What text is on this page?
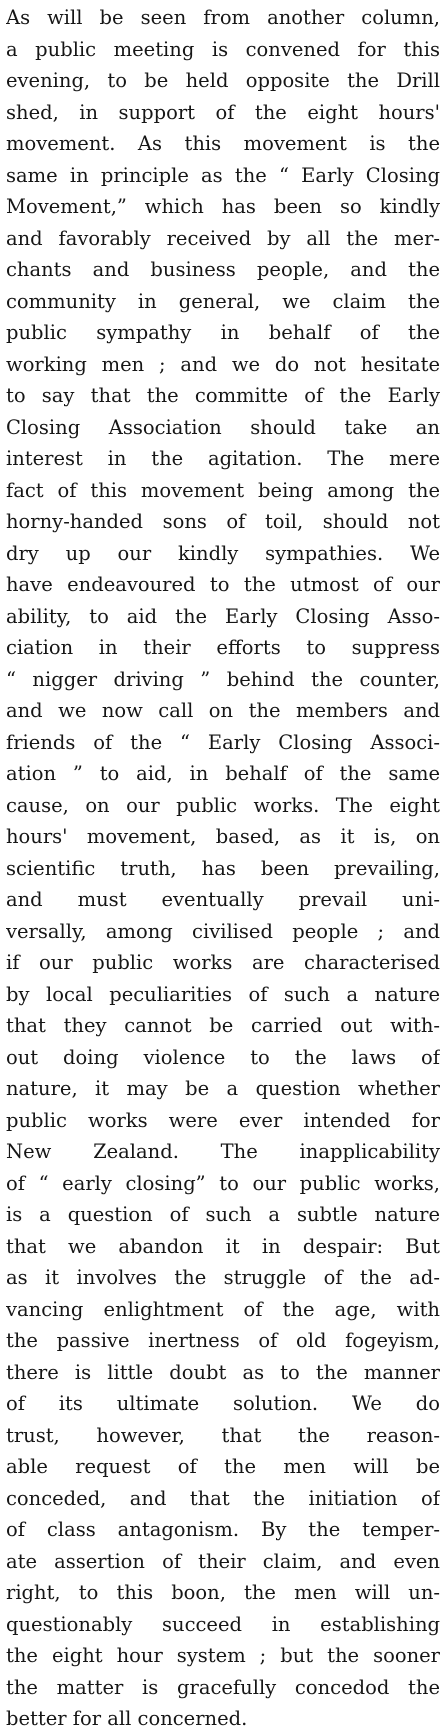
As will be seen from another column,
a public meeting is convened for this
evening, to be held opposite the Drill
shed, in support of the eight hours'
movement. As this movement is the
same in principle as the “ Early Closing
Movement,” which has been so kindly
and favorably received by all the mer-
chants and business people, and the
community in general, we claim the
public sympathy in behalf of the
working men ; and we do not hesitate
to say that the committe of the Early
Closing Association should take an
interest in the agitation. The mere
fact of this movement being among the
horny-handed sons of toil, should not
dry up our kindly sympathies. We
have endeavoured to the utmost of our
ability, to aid the Early Closing Asso-
ciation in their efforts to suppress
“ nigger driving ” behind the counter,
and we now call on the members and
friends of the “ Early Closing Associ-
ation ” to aid, in behalf of the same
cause, on our public works. The eight
hours' movement, based, as it is, on
scientific truth, has been prevailing,
and must eventually prevail uni-
versally, among civilised people ; and
if our public works are characterised
by local peculiarities of such a nature
that they cannot be carried out with-
out doing violence to the laws of
nature, it may be a question whether
public works were ever intended for
New Zealand. The inapplicability
of “ early closing” to our public works,
is a question of such a subtle nature
that we abandon it in despair: But
as it involves the struggle of the ad-
vancing enlightment of the age, with
the passive inertness of old fogeyism,
there is little doubt as to the manner
of its ultimate solution. We do
trust, however, that the reason-
able request of the men will be
conceded, and that the initiation of
of class antagonism. By the temper-
ate assertion of their claim, and even
right, to this boon, the men will un-
questionably succeed in establishing
the eight hour system ; but the sooner
the matter is gracefully concedod the
better for all concerned.
